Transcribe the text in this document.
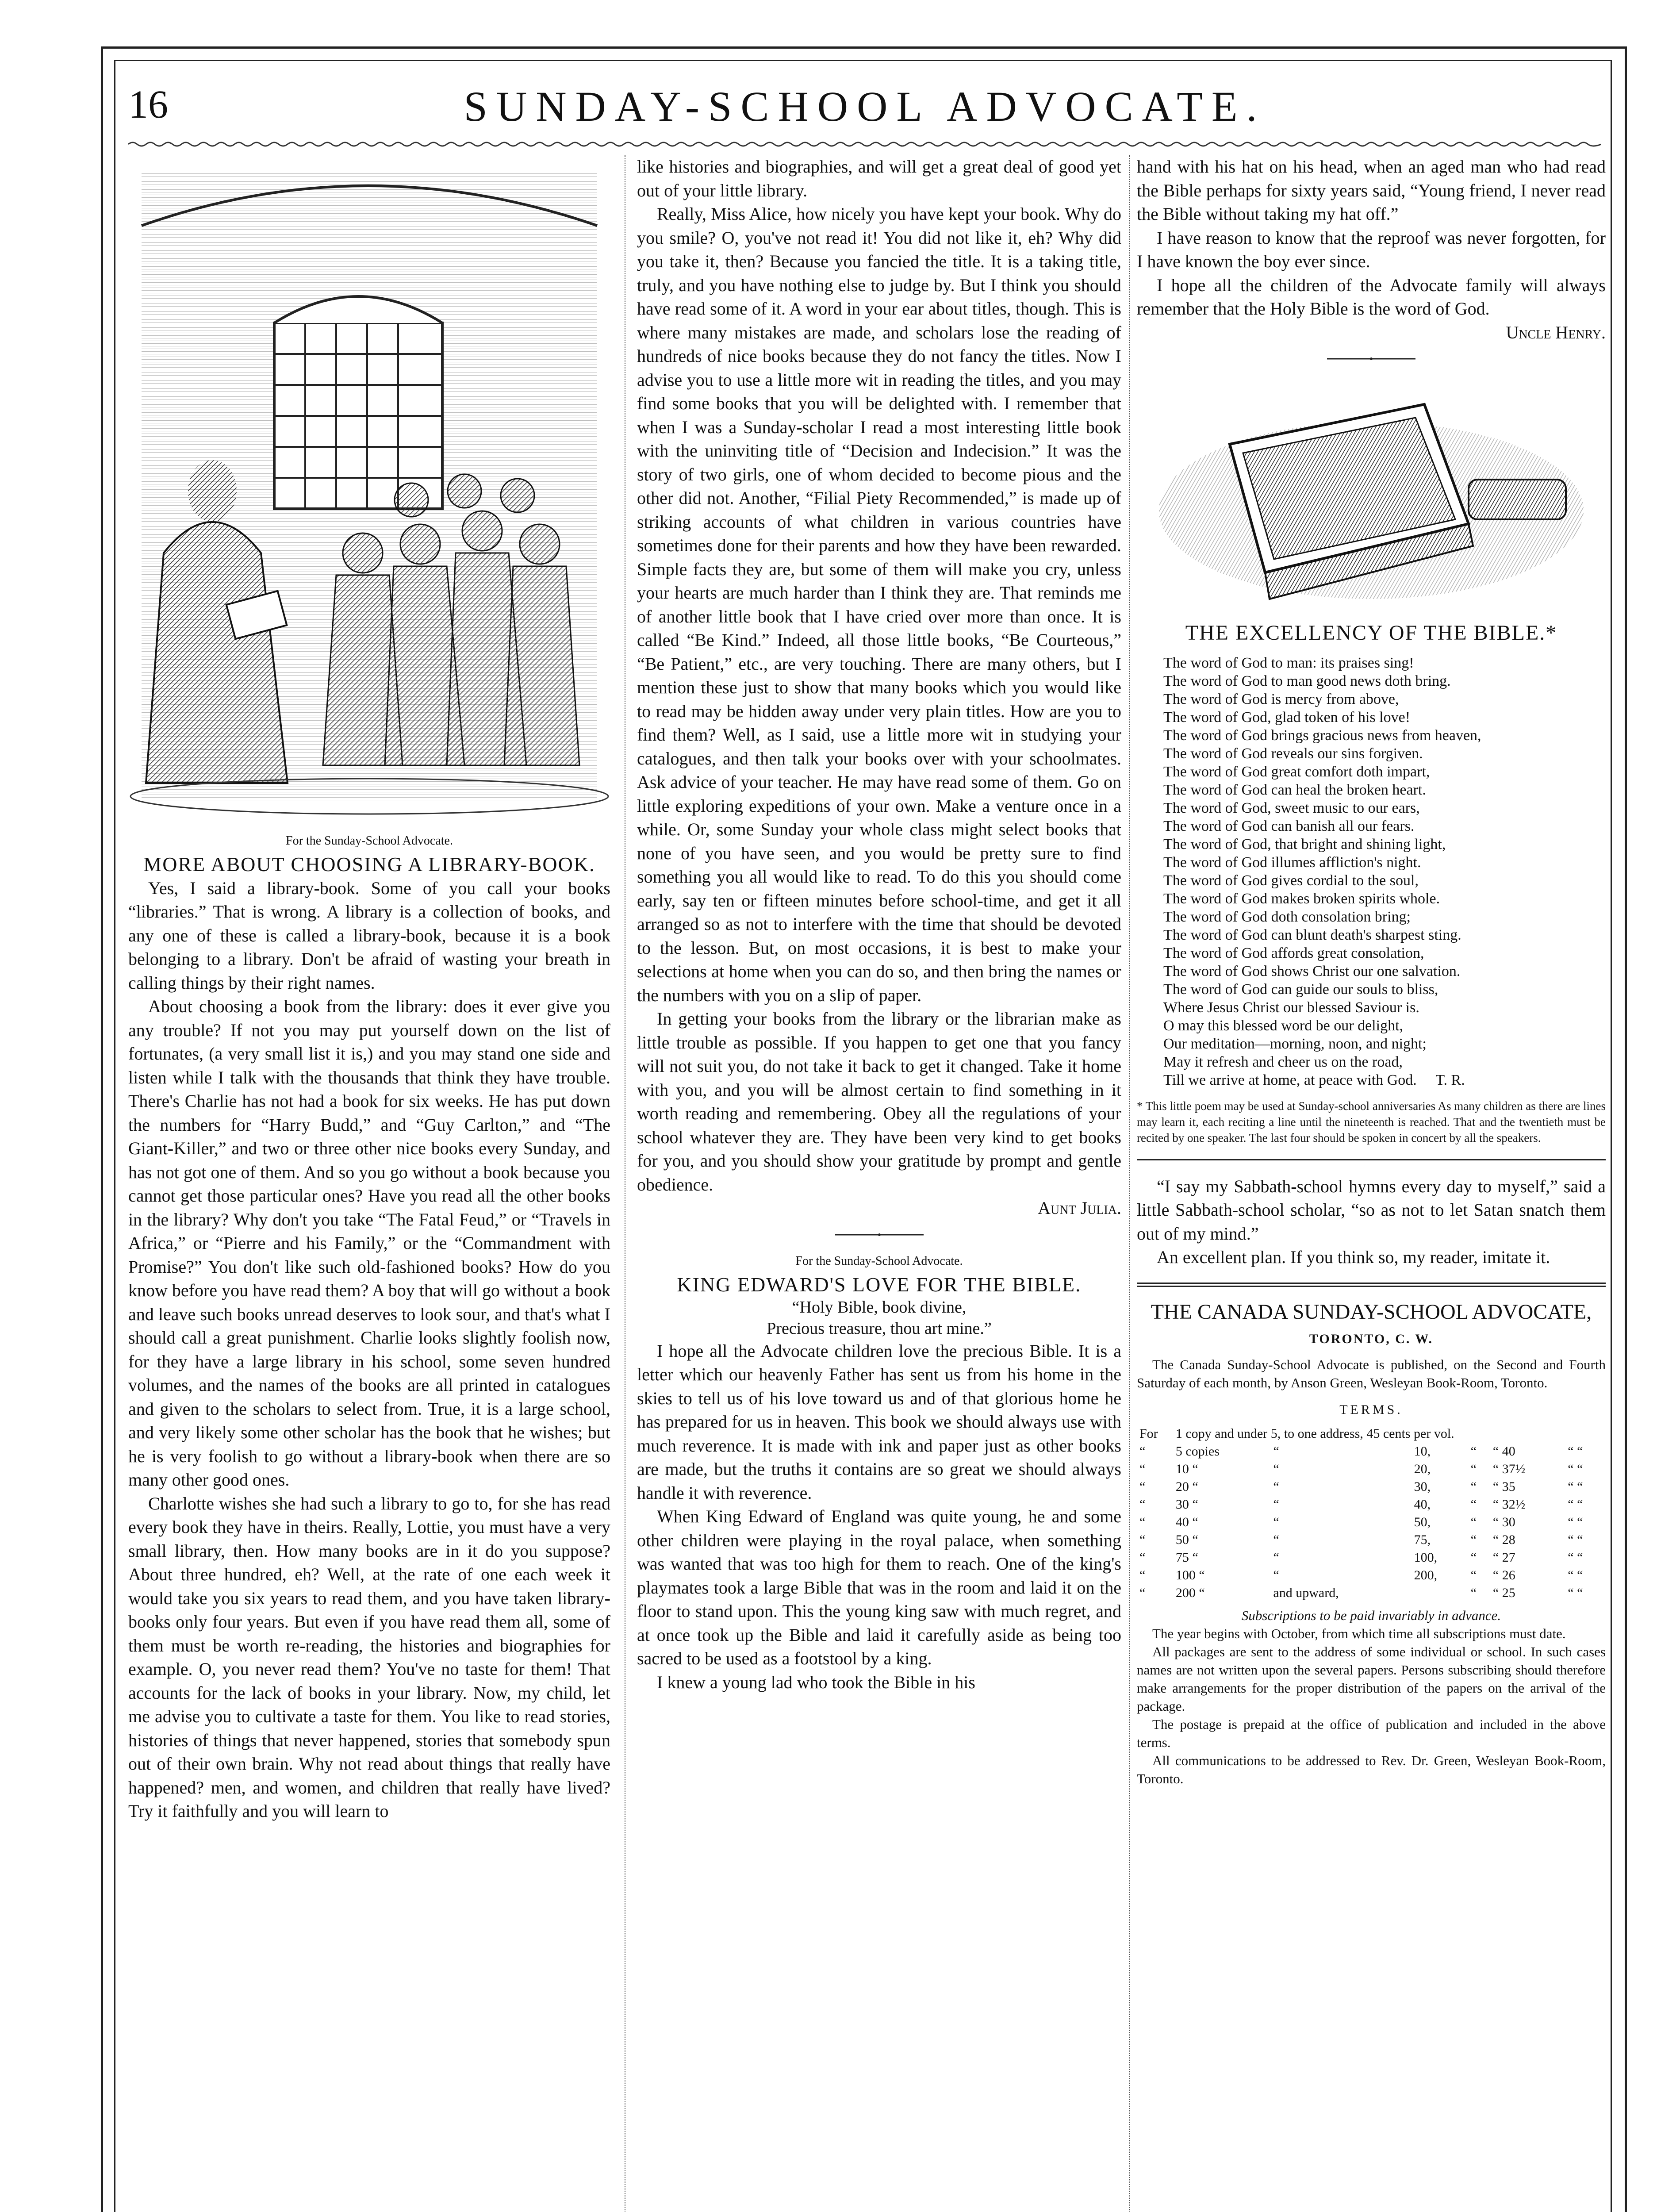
16	SUNDAY-SCHOOL ADVOCATE.

For the Sunday-School Advocate.

MORE ABOUT CHOOSING A LIBRARY-BOOK.

Yes, I said a library-book. Some of you call your books “libraries.” That is wrong. A library is a collection of books, and any one of these is called a library-book, because it is a book belonging to a library. Don't be afraid of wasting your breath in calling things by their right names.

About choosing a book from the library: does it ever give you any trouble? If not you may put yourself down on the list of fortunates, (a very small list it is,) and you may stand one side and listen while I talk with the thousands that think they have trouble. There's Charlie has not had a book for six weeks. He has put down the numbers for “Harry Budd,” and “Guy Carlton,” and “The Giant-Killer,” and two or three other nice books every Sunday, and has not got one of them. And so you go without a book because you cannot get those particular ones? Have you read all the other books in the library? Why don't you take “The Fatal Feud,” or “Travels in Africa,” or “Pierre and his Family,” or the “Commandment with Promise?” You don't like such old-fashioned books? How do you know before you have read them? A boy that will go without a book and leave such books unread deserves to look sour, and that's what I should call a great punishment. Charlie looks slightly foolish now, for they have a large library in his school, some seven hundred volumes, and the names of the books are all printed in catalogues and given to the scholars to select from. True, it is a large school, and very likely some other scholar has the book that he wishes; but he is very foolish to go without a library-book when there are so many other good ones.

Charlotte wishes she had such a library to go to, for she has read every book they have in theirs. Really, Lottie, you must have a very small library, then. How many books are in it do you suppose? About three hundred, eh? Well, at the rate of one each week it would take you six years to read them, and you have taken library-books only four years. But even if you have read them all, some of them must be worth re-reading, the histories and biographies for example. O, you never read them? You've no taste for them! That accounts for the lack of books in your library. Now, my child, let me advise you to cultivate a taste for them. You like to read stories, histories of things that never happened, stories that somebody spun out of their own brain. Why not read about things that really have happened? men, and women, and children that really have lived? Try it faithfully and you will learn to

like histories and biographies, and will get a great deal of good yet out of your little library.

Really, Miss Alice, how nicely you have kept your book. Why do you smile? O, you've not read it! You did not like it, eh? Why did you take it, then? Because you fancied the title. It is a taking title, truly, and you have nothing else to judge by. But I think you should have read some of it. A word in your ear about titles, though. This is where many mistakes are made, and scholars lose the reading of hundreds of nice books because they do not fancy the titles. Now I advise you to use a little more wit in reading the titles, and you may find some books that you will be delighted with. I remember that when I was a Sunday-scholar I read a most interesting little book with the uninviting title of “Decision and Indecision.” It was the story of two girls, one of whom decided to become pious and the other did not. Another, “Filial Piety Recommended,” is made up of striking accounts of what children in various countries have sometimes done for their parents and how they have been rewarded. Simple facts they are, but some of them will make you cry, unless your hearts are much harder than I think they are. That reminds me of another little book that I have cried over more than once. It is called “Be Kind.” Indeed, all those little books, “Be Courteous,” “Be Patient,” etc., are very touching. There are many others, but I mention these just to show that many books which you would like to read may be hidden away under very plain titles. How are you to find them? Well, as I said, use a little more wit in studying your catalogues, and then talk your books over with your schoolmates. Ask advice of your teacher. He may have read some of them. Go on little exploring expeditions of your own. Make a venture once in a while. Or, some Sunday your whole class might select books that none of you have seen, and you would be pretty sure to find something you all would like to read. To do this you should come early, say ten or fifteen minutes before school-time, and get it all arranged so as not to interfere with the time that should be devoted to the lesson. But, on most occasions, it is best to make your selections at home when you can do so, and then bring the names or the numbers with you on a slip of paper.

In getting your books from the library or the librarian make as little trouble as possible. If you happen to get one that you fancy will not suit you, do not take it back to get it changed. Take it home with you, and you will be almost certain to find something in it worth reading and remembering. Obey all the regulations of your school whatever they are. They have been very kind to get books for you, and you should show your gratitude by prompt and gentle obedience.

Aunt Julia.

For the Sunday-School Advocate.

KING EDWARD'S LOVE FOR THE BIBLE.

“Holy Bible, book divine,
Precious treasure, thou art mine.”

I hope all the Advocate children love the precious Bible. It is a letter which our heavenly Father has sent us from his home in the skies to tell us of his love toward us and of that glorious home he has prepared for us in heaven. This book we should always use with much reverence. It is made with ink and paper just as other books are made, but the truths it contains are so great we should always handle it with reverence.

When King Edward of England was quite young, he and some other children were playing in the royal palace, when something was wanted that was too high for them to reach. One of the king's playmates took a large Bible that was in the room and laid it on the floor to stand upon. This the young king saw with much regret, and at once took up the Bible and laid it carefully aside as being too sacred to be used as a footstool by a king.

I knew a young lad who took the Bible in his

hand with his hat on his head, when an aged man who had read the Bible perhaps for sixty years said, “Young friend, I never read the Bible without taking my hat off.”

I have reason to know that the reproof was never forgotten, for I have known the boy ever since.

I hope all the children of the Advocate family will always remember that the Holy Bible is the word of God.

Uncle Henry.
THE EXCELLENCY OF THE BIBLE.*
The word of God to man: its praises sing!
The word of God to man good news doth bring.
The word of God is mercy from above,
The word of God, glad token of his love!
The word of God brings gracious news from heaven,
The word of God reveals our sins forgiven.
The word of God great comfort doth impart,
The word of God can heal the broken heart.
The word of God, sweet music to our ears,
The word of God can banish all our fears.
The word of God, that bright and shining light,
The word of God illumes affliction's night.
The word of God gives cordial to the soul,
The word of God makes broken spirits whole.
The word of God doth consolation bring;
The word of God can blunt death's sharpest sting.
The word of God affords great consolation,
The word of God shows Christ our one salvation.
The word of God can guide our souls to bliss,
Where Jesus Christ our blessed Saviour is.
O may this blessed word be our delight,
Our meditation—morning, noon, and night;
May it refresh and cheer us on the road,
Till we arrive at home, at peace with God. T. R.
* This little poem may be used at Sunday-school anniversaries As many children as there are lines may learn it, each reciting a line until the nineteenth is reached. That and the twentieth must be recited by one speaker. The last four should be spoken in concert by all the speakers.

“I say my Sabbath-school hymns every day to myself,” said a little Sabbath-school scholar, “so as not to let Satan snatch them out of my mind.”

An excellent plan. If you think so, my reader, imitate it.

THE CANADA SUNDAY-SCHOOL ADVOCATE,
TORONTO, C. W.
The Canada Sunday-School Advocate is published, on the Second and Fourth Saturday of each month, by Anson Green, Wesleyan Book-Room, Toronto.
TERMS.
For	1 copy and under 5, to one address, 45 cents per vol.					
“	5 copies	“	10,	“	“ 40	“ “
“	10 “	“	20,	“	“ 37½	“ “
“	20 “	“	30,	“	“ 35	“ “
“	30 “	“	40,	“	“ 32½	“ “
“	40 “	“	50,	“	“ 30	“ “
“	50 “	“	75,	“	“ 28	“ “
“	75 “	“	100,	“	“ 27	“ “
“	100 “	“	200,	“	“ 26	“ “
“	200 “	and upward,		“	“ 25	“ “
Subscriptions to be paid invariably in advance.
The year begins with October, from which time all subscriptions must date.
All packages are sent to the address of some individual or school. In such cases names are not written upon the several papers. Persons subscribing should therefore make arrangements for the proper distribution of the papers on the arrival of the package.
The postage is prepaid at the office of publication and included in the above terms.
All communications to be addressed to Rev. Dr. Green, Wesleyan Book-Room, Toronto.
